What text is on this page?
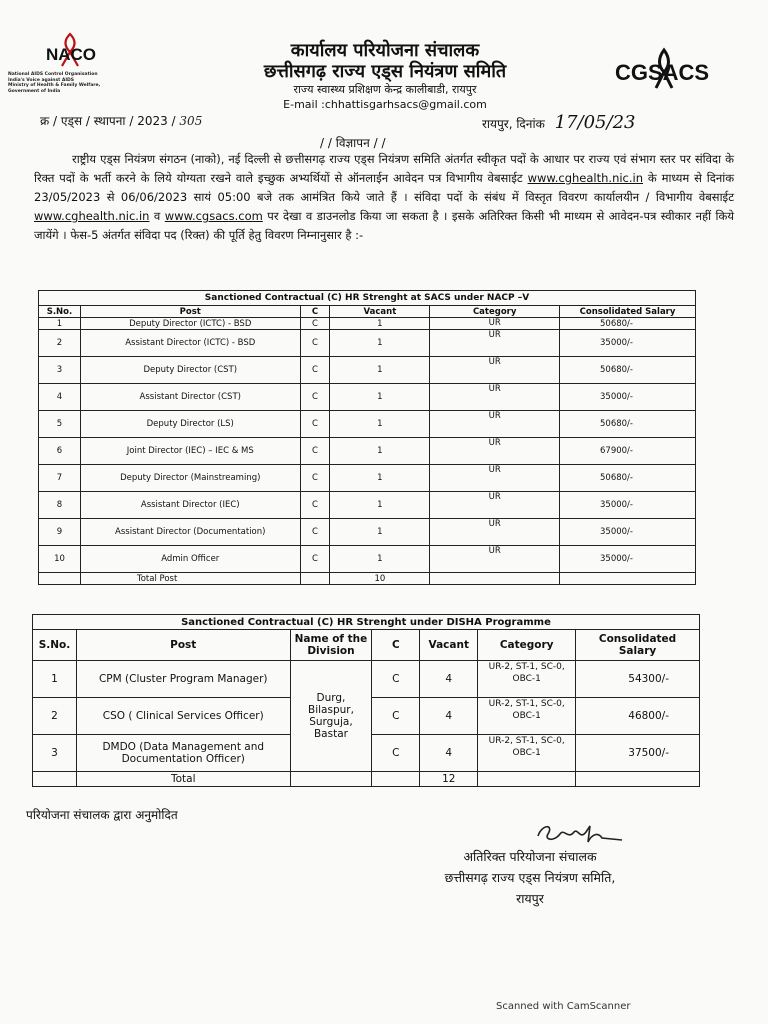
NACO
National AIDS Control Organisation
India's Voice against AIDS
Ministry of Health & Family Welfare, Government of India
CGSACS
कार्यालय परियोजना संचालक
छत्तीसगढ़ राज्य एड्स नियंत्रण समिति
राज्य स्वास्थ्य प्रशिक्षण केन्द्र कालीबाडी, रायपुर
E-mail :chhattisgarhsacs@gmail.com
क्र / एड्स / स्थापना / 2023 / 305	रायपुर, दिनांक 17/05/23
/ / विज्ञापन / /
राष्ट्रीय एड्स नियंत्रण संगठन (नाको), नई दिल्ली से छत्तीसगढ़ राज्य एड्स नियंत्रण समिति अंतर्गत स्वीकृत पदों के आधार पर राज्य एवं संभाग स्तर पर संविदा के रिक्त पदों के भर्ती करने के लिये योग्यता रखने वाले इच्छुक अभ्यर्थियों से ऑनलाईन आवेदन पत्र विभागीय वेबसाईट www.cghealth.nic.in के माध्यम से दिनांक 23/05/2023 से 06/06/2023 सायं 05:00 बजे तक आमंत्रित किये जाते हैं । संविदा पदों के संबंध में विस्तृत विवरण कार्यालयीन / विभागीय वेबसाईट www.cghealth.nic.in व www.cgsacs.com पर देखा व डाउनलोड किया जा सकता है । इसके अतिरिक्त किसी भी माध्यम से आवेदन-पत्र स्वीकार नहीं किये जायेंगे । फेस-5 अंतर्गत संविदा पद (रिक्त) की पूर्ति हेतु विवरण निम्नानुसार है :-
Sanctioned Contractual (C) HR Strenght at SACS under NACP –V					
S.No.	Post	C	Vacant	Category	Consolidated Salary
1	Deputy Director (ICTC) - BSD	C	1	UR	50680/-
2	Assistant Director (ICTC) - BSD	C	1	UR	35000/-
3	Deputy Director (CST)	C	1	UR	50680/-
4	Assistant Director (CST)	C	1	UR	35000/-
5	Deputy Director (LS)	C	1	UR	50680/-
6	Joint Director (IEC) – IEC & MS	C	1	UR	67900/-
7	Deputy Director (Mainstreaming)	C	1	UR	50680/-
8	Assistant Director (IEC)	C	1	UR	35000/-
9	Assistant Director (Documentation)	C	1	UR	35000/-
10	Admin Officer	C	1	UR	35000/-
	Total Post		10		
Sanctioned Contractual (C) HR Strenght under DISHA Programme						
S.No.	Post	Name of the Division	C	Vacant	Category	Consolidated Salary
1	CPM (Cluster Program Manager)	Durg, Bilaspur, Surguja, Bastar	C	4	UR-2, ST-1, SC-0, OBC-1	54300/-
2	CSO ( Clinical Services Officer)		C	4	UR-2, ST-1, SC-0, OBC-1	46800/-
3	DMDO (Data Management and Documentation Officer)		C	4	UR-2, ST-1, SC-0, OBC-1	37500/-
	Total			12		
परियोजना संचालक द्वारा अनुमोदित
अतिरिक्त परियोजना संचालक
छत्तीसगढ़ राज्य एड्स नियंत्रण समिति,
रायपुर
Scanned with CamScanner
